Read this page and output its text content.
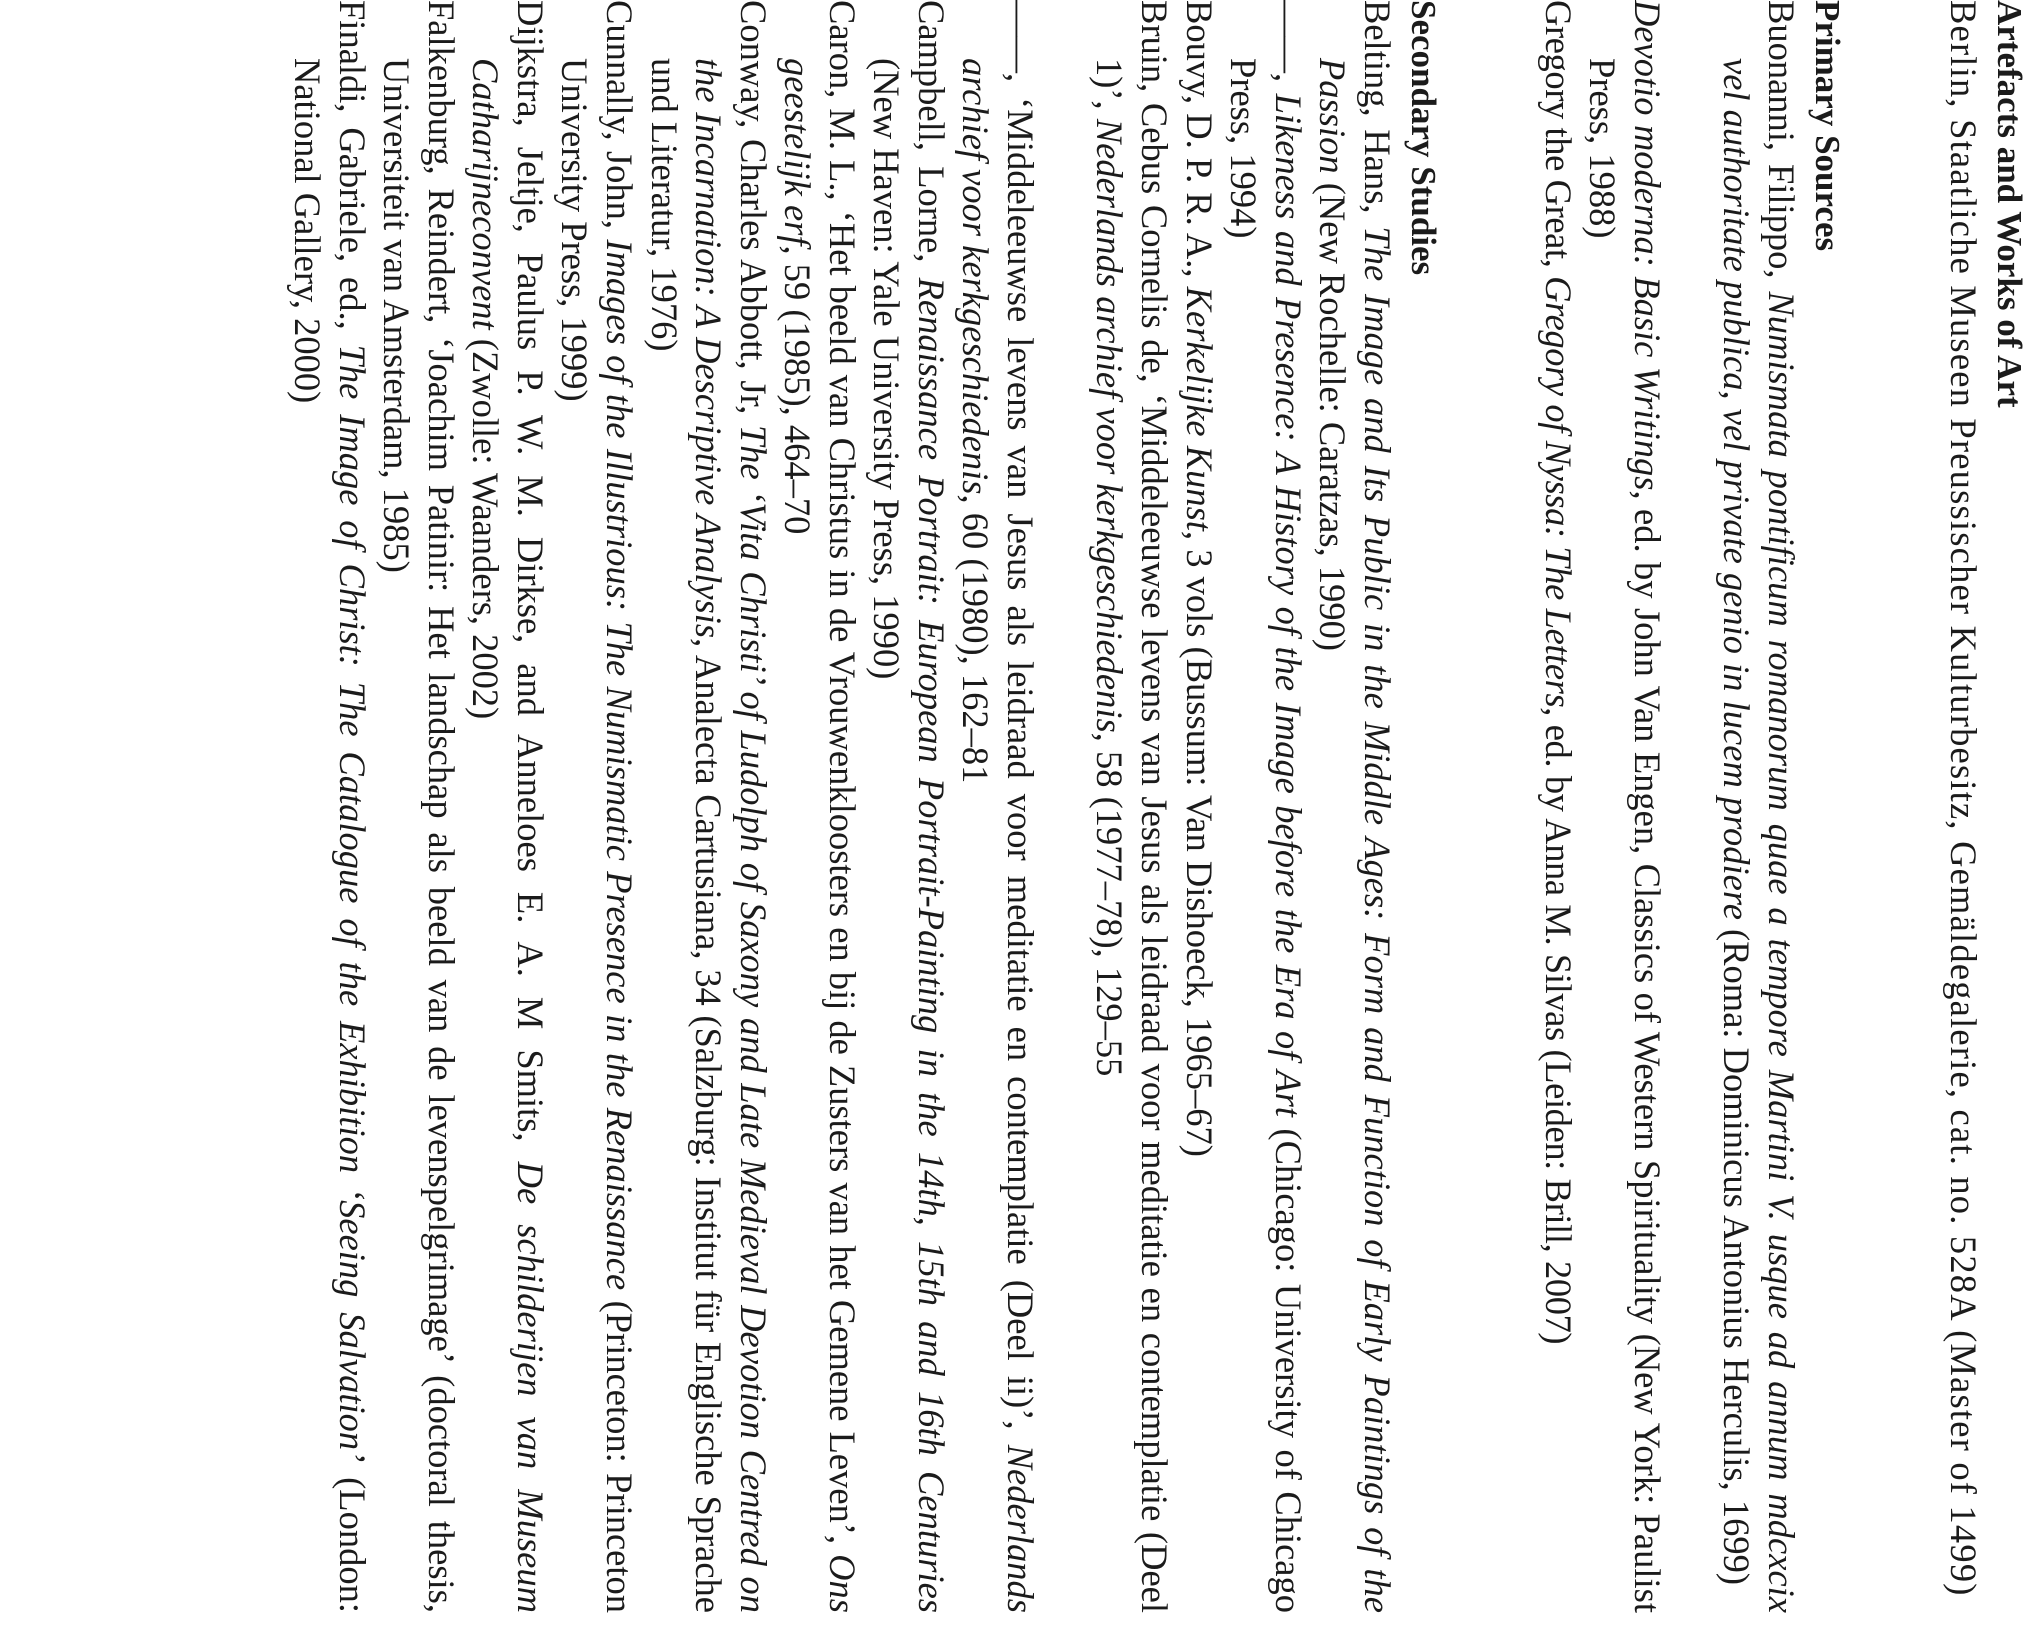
Artefacts and Works of Art

Berlin, Staatliche Museen Preussischer Kulturbesitz, Gemäldegalerie, cat. no. 528A (Master of 1499)

Primary Sources

Buonanni, Filippo, Numismata pontificum romanorum quae a tempore Martini V. usque ad annum mdcxcix vel authoritate publica, vel private genio in lucem prodiere (Roma: Dominicus Antonius Herculis, 1699)

Devotio moderna: Basic Writings, ed. by John Van Engen, Classics of Western Spirituality (New York: Paulist Press, 1988)

Gregory the Great, Gregory of Nyssa: The Letters, ed. by Anna M. Silvas (Leiden: Brill, 2007)

Secondary Studies

Belting, Hans, The Image and Its Public in the Middle Ages: Form and Function of Early Paintings of the Passion (New Rochelle: Caratzas, 1990)

——, Likeness and Presence: A History of the Image before the Era of Art (Chicago: University of Chicago Press, 1994)

Bouvy, D. P. R. A., Kerkelijke Kunst, 3 vols (Bussum: Van Dishoeck, 1965–67)

Bruin, Cebus Cornelis de, ‘Middeleeuwse levens van Jesus als leidraad voor meditatie en contemplatie (Deel 1)’, Nederlands archief voor kerkgeschiedenis, 58 (1977–78), 129–55

——, ‘Middeleeuwse levens van Jesus als leidraad voor meditatie en contemplatie (Deel ii)’, Nederlands archief voor kerkgeschiedenis, 60 (1980), 162–81

Campbell, Lorne, Renaissance Portrait: European Portrait-Painting in the 14th, 15th and 16th Centuries (New Haven: Yale University Press, 1990)

Caron, M. L., ‘Het beeld van Christus in de Vrouwenkloosters en bij de Zusters van het Gemene Leven’, Ons geestelijk erf, 59 (1985), 464–70

Conway, Charles Abbott, Jr, The ‘Vita Christi’ of Ludolph of Saxony and Late Medieval Devotion Centred on the Incarnation: A Descriptive Analysis, Analecta Cartusiana, 34 (Salzburg: Institut für Englische Sprache und Literatur, 1976)

Cunnally, John, Images of the Illustrious: The Numismatic Presence in the Renaissance (Princeton: Princeton University Press, 1999)

Dijkstra, Jeltje, Paulus P. W. M. Dirkse, and Anneloes E. A. M Smits, De schilderijen van Museum Catharijneconvent (Zwolle: Waanders, 2002)

Falkenburg, Reindert, ‘Joachim Patinir: Het landschap als beeld van de levenspelgrimage’ (doctoral thesis, Universiteit van Amsterdam, 1985)

Finaldi, Gabriele, ed., The Image of Christ: The Catalogue of the Exhibition ‘Seeing Salvation’ (London: National Gallery, 2000)
